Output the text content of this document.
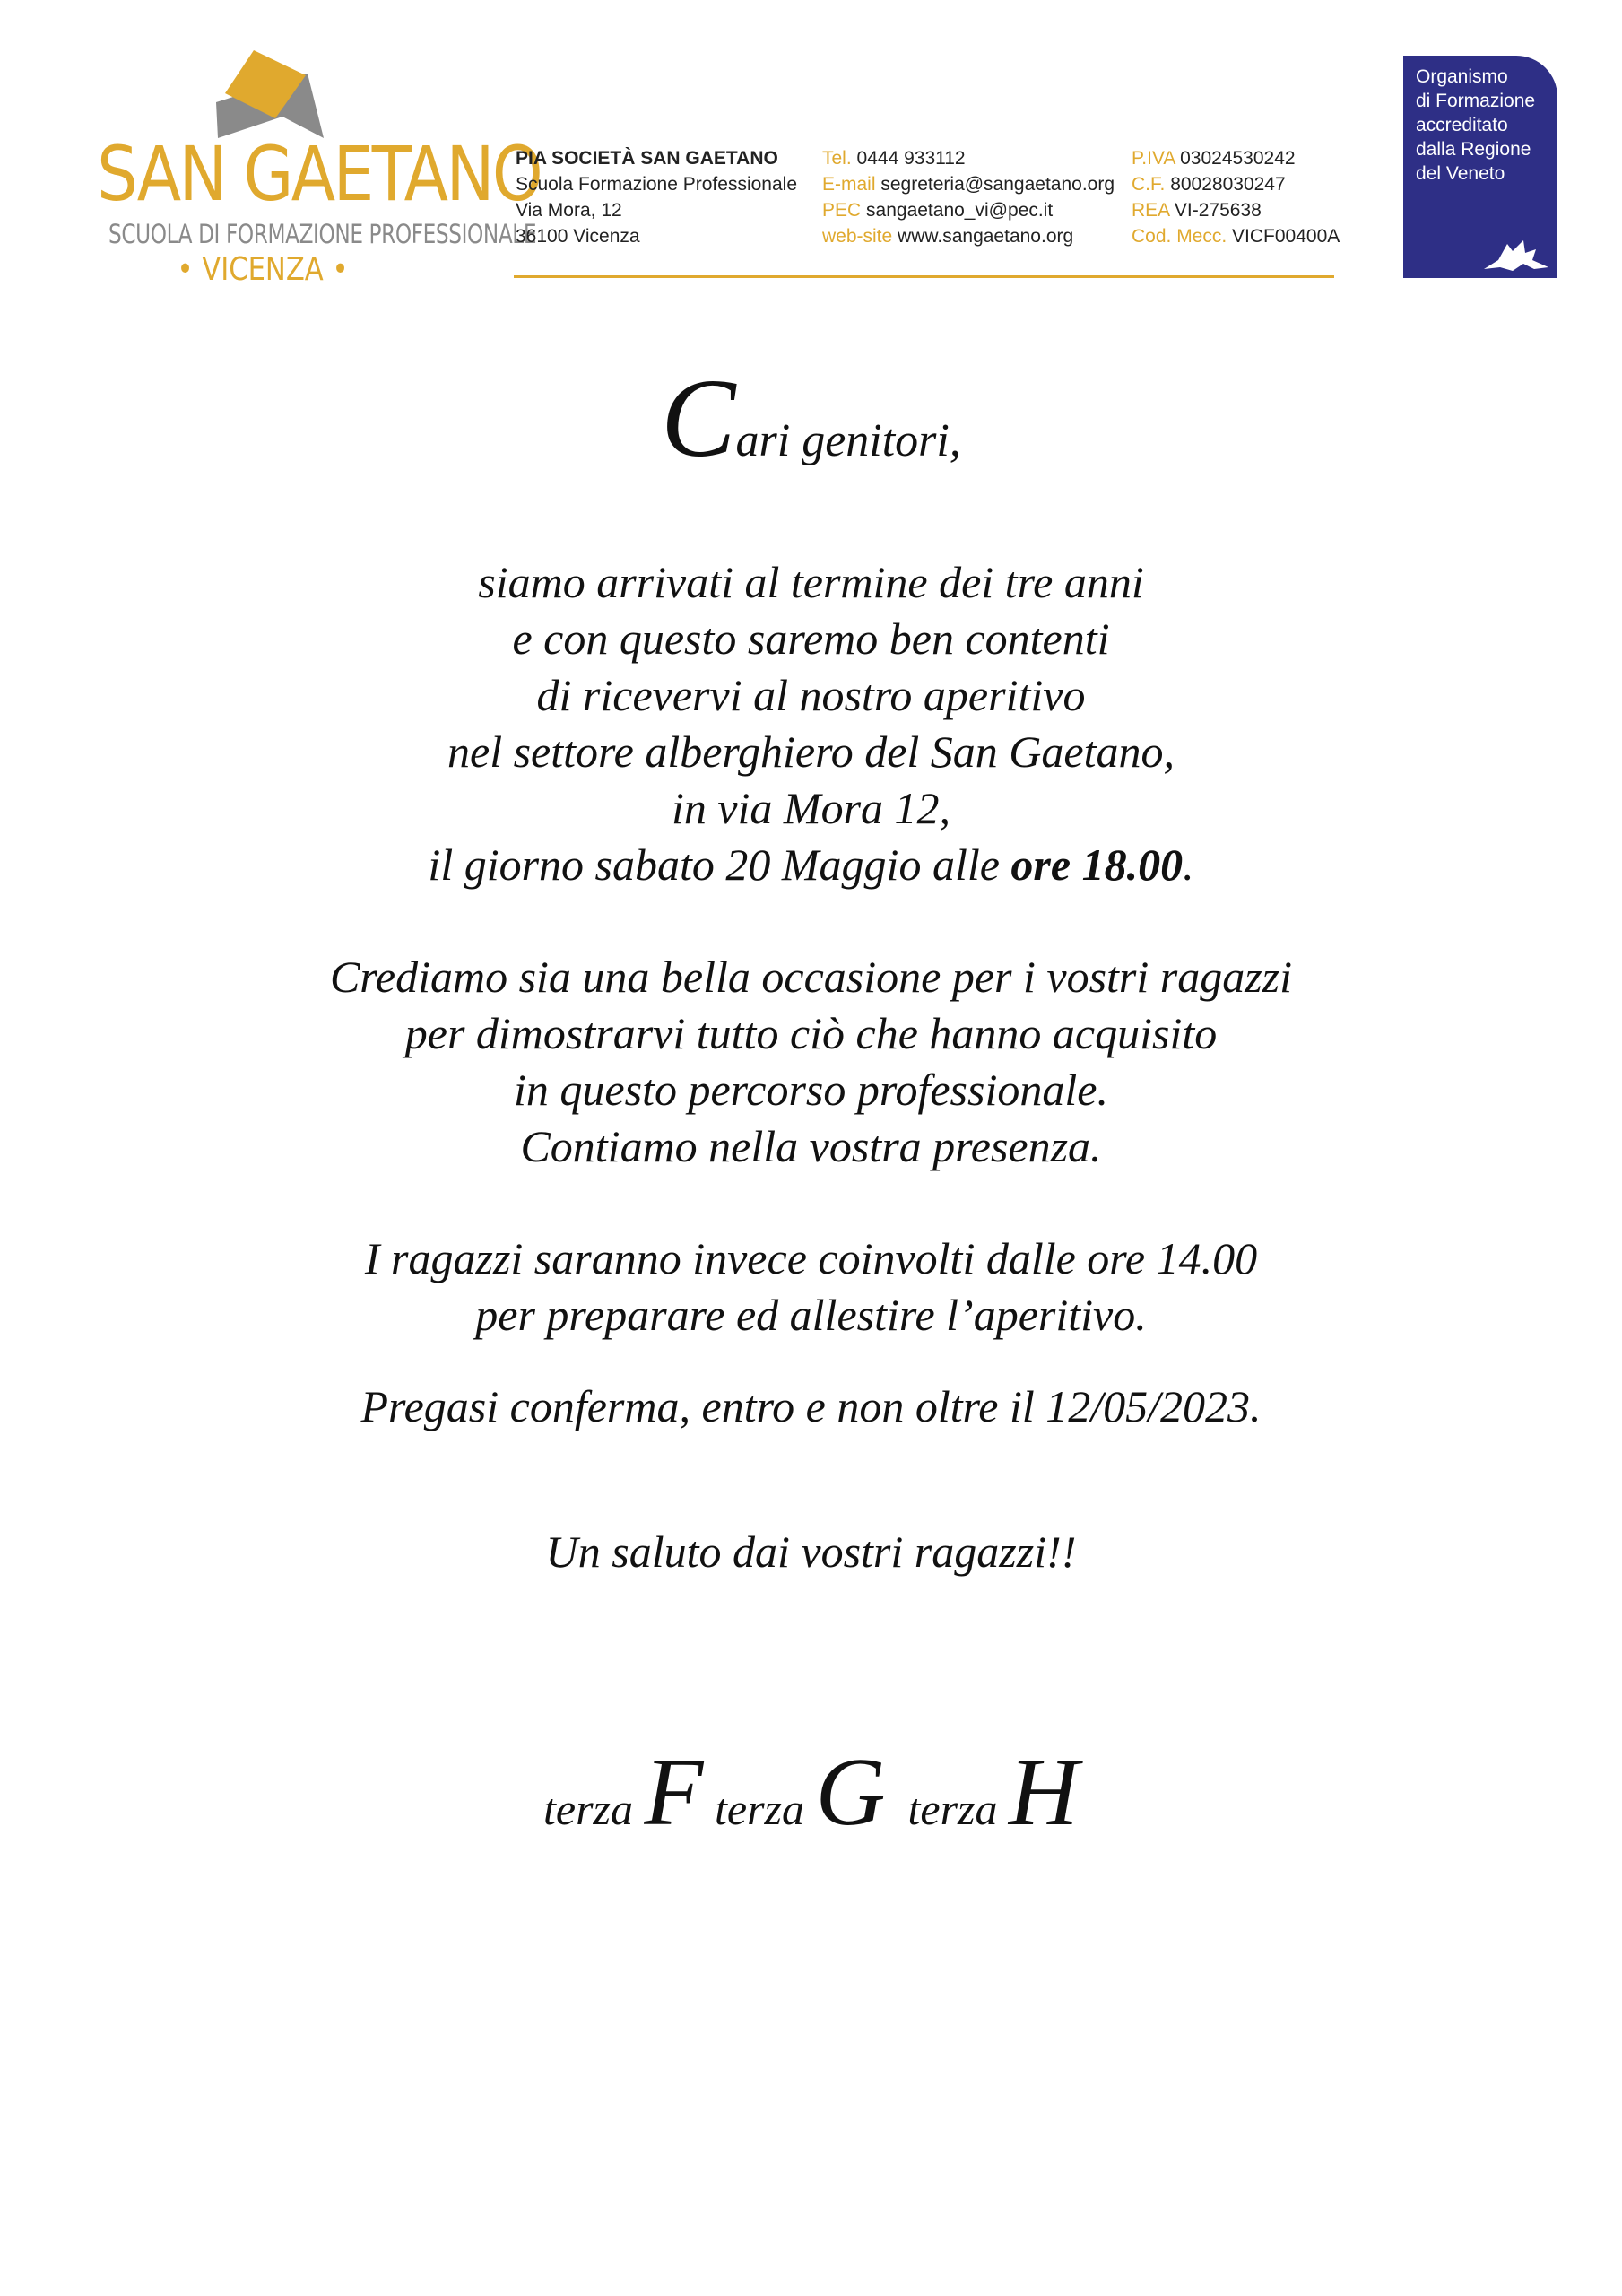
SAN GAETANO
SCUOLA DI FORMAZIONE PROFESSIONALE
• VICENZA •
PIA SOCIETÀ SAN GAETANO
Scuola Formazione Professionale
Via Mora, 12
36100 Vicenza
Tel. 0444 933112
E-mail segreteria@sangaetano.org
PEC sangaetano_vi@pec.it
web-site www.sangaetano.org
P.IVA 03024530242
C.F. 80028030247
REA VI-275638
Cod. Mecc. VICF00400A
Organismo
di Formazione
accreditato
dalla Regione
del Veneto
Cari genitori,
siamo arrivati al termine dei tre anni
e con questo saremo ben contenti
di ricevervi al nostro aperitivo
nel settore alberghiero del San Gaetano,
in via Mora 12,
il giorno sabato 20 Maggio alle ore 18.00.
Crediamo sia una bella occasione per i vostri ragazzi
per dimostrarvi tutto ciò che hanno acquisito
in questo percorso professionale.
Contiamo nella vostra presenza.
I ragazzi saranno invece coinvolti dalle ore 14.00
per preparare ed allestire l’aperitivo.
Pregasi conferma, entro e non oltre il 12/05/2023.
Un saluto dai vostri ragazzi!!
terza F terza G terza H
